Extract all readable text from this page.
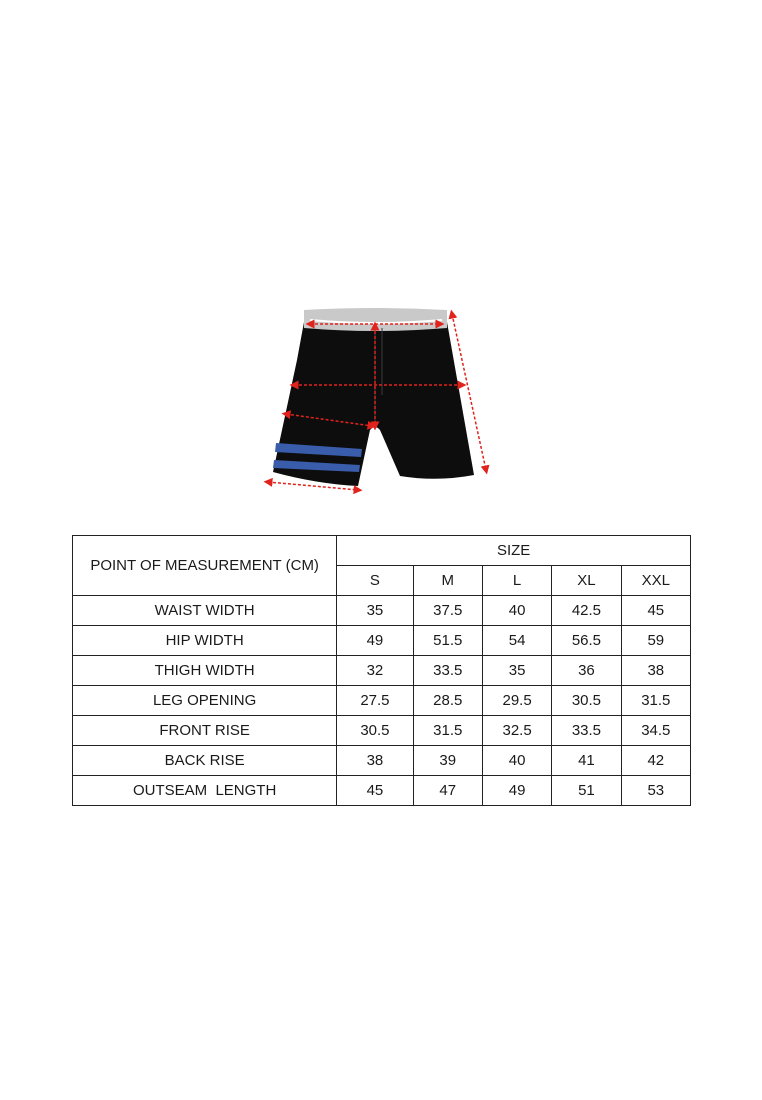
POINT OF MEASUREMENT (CM)	SIZE				
	S	M	L	XL	XXL
WAIST WIDTH	35	37.5	40	42.5	45
HIP WIDTH	49	51.5	54	56.5	59
THIGH WIDTH	32	33.5	35	36	38
LEG OPENING	27.5	28.5	29.5	30.5	31.5
FRONT RISE	30.5	31.5	32.5	33.5	34.5
BACK RISE	38	39	40	41	42
OUTSEAM  LENGTH	45	47	49	51	53
